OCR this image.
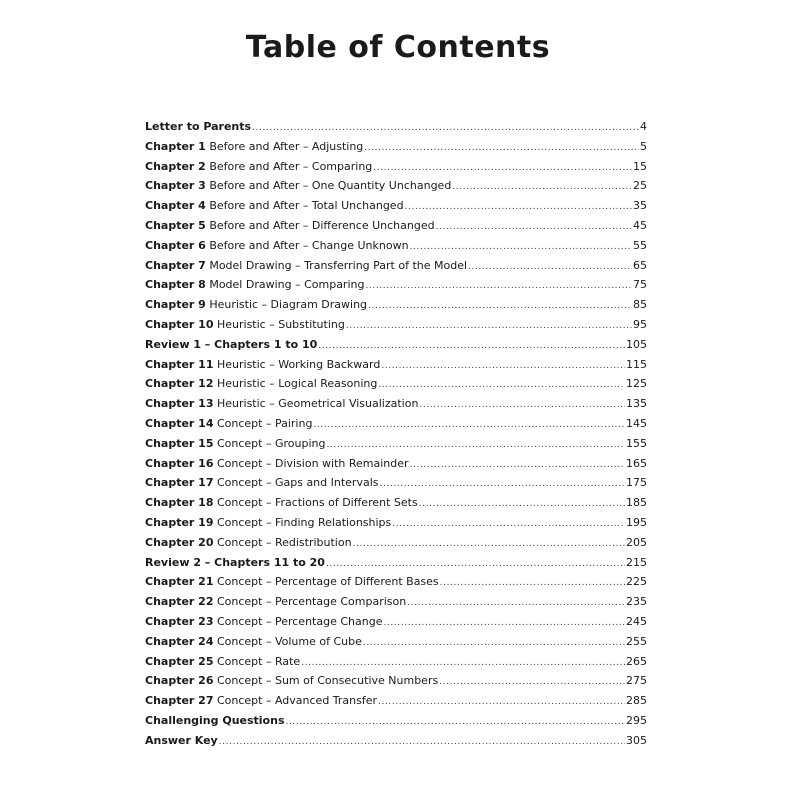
Table of Contents
Letter to Parents .....	4
Chapter 1 Before and After – Adjusting .....	5
Chapter 2 Before and After – Comparing .....	15
Chapter 3 Before and After – One Quantity Unchanged .....	25
Chapter 4 Before and After – Total Unchanged .....	35
Chapter 5 Before and After – Difference Unchanged .....	45
Chapter 6 Before and After – Change Unknown .....	55
Chapter 7 Model Drawing – Transferring Part of the Model .....	65
Chapter 8 Model Drawing – Comparing .....	75
Chapter 9 Heuristic – Diagram Drawing .....	85
Chapter 10 Heuristic – Substituting .....	95
Review 1 – Chapters 1 to 10 .....	105
Chapter 11 Heuristic – Working Backward .....	115
Chapter 12 Heuristic – Logical Reasoning .....	125
Chapter 13 Heuristic – Geometrical Visualization .....	135
Chapter 14 Concept – Pairing .....	145
Chapter 15 Concept – Grouping .....	155
Chapter 16 Concept – Division with Remainder .....	165
Chapter 17 Concept – Gaps and Intervals .....	175
Chapter 18 Concept – Fractions of Different Sets .....	185
Chapter 19 Concept – Finding Relationships .....	195
Chapter 20 Concept – Redistribution .....	205
Review 2 – Chapters 11 to 20 .....	215
Chapter 21 Concept – Percentage of Different Bases .....	225
Chapter 22 Concept – Percentage Comparison .....	235
Chapter 23 Concept – Percentage Change .....	245
Chapter 24 Concept – Volume of Cube .....	255
Chapter 25 Concept – Rate .....	265
Chapter 26 Concept – Sum of Consecutive Numbers .....	275
Chapter 27 Concept – Advanced Transfer .....	285
Challenging Questions .....	295
Answer Key .....	305
